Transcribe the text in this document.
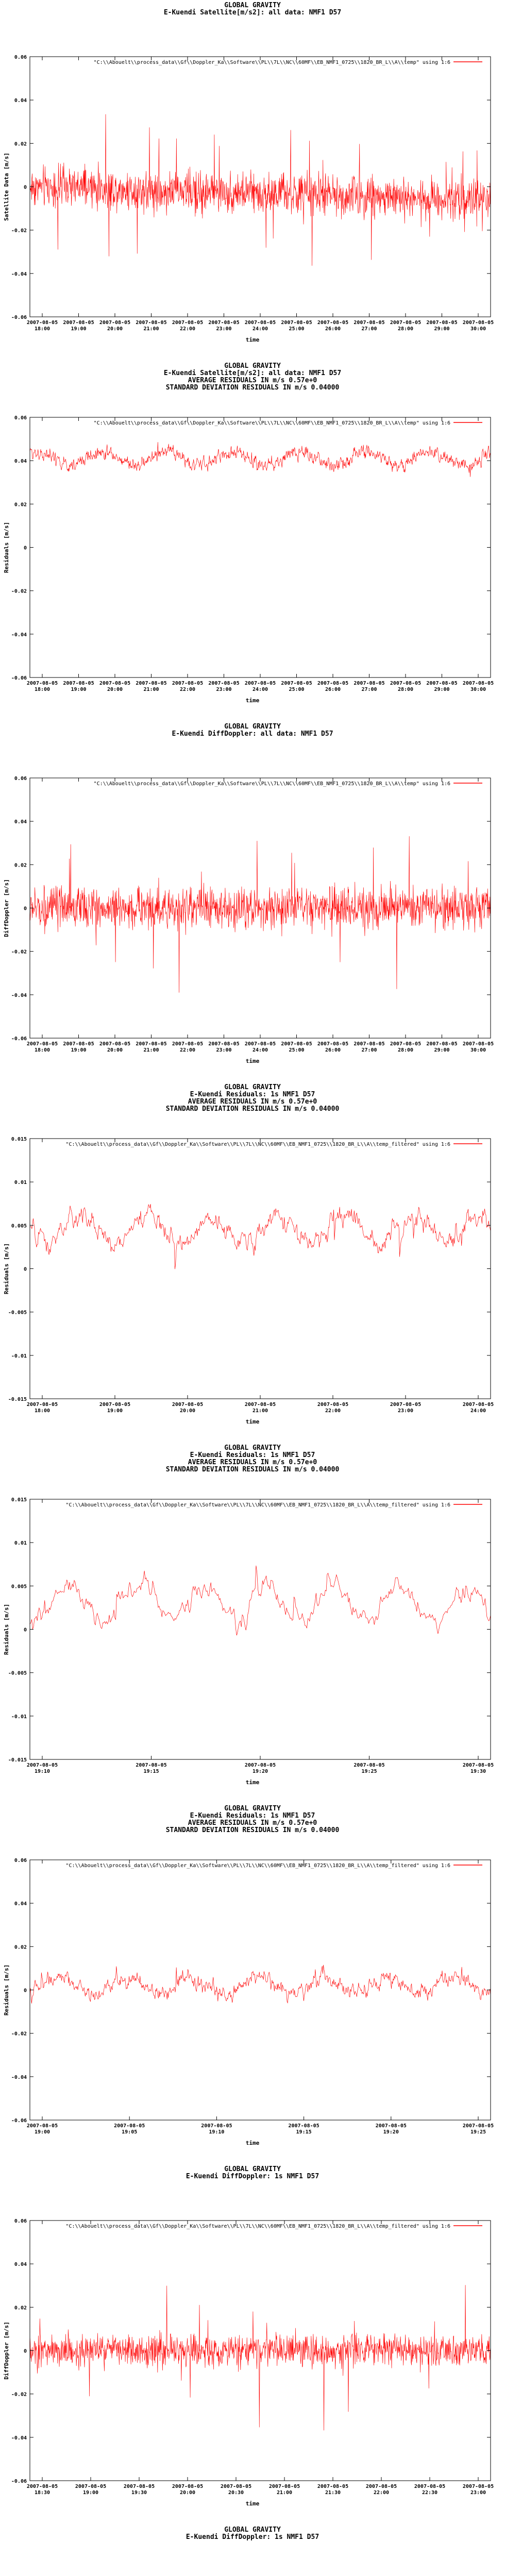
GLOBAL GRAVITY
E-Kuendi Satellite[m/s2]: all data: NMF1 D57
"C:\\Abouelt\\process_data\\Gf\\Doppler_Ka\\Software\\PL\\7L\\NC\\60MF\\EB_NMF1_0725\\1820_BR_L\\A\\temp" using 1:6
0.06
0.04
0.02
0
-0.02
-0.04
-0.06
2007-08-05
18:00
2007-08-05
19:00
2007-08-05
20:00
2007-08-05
21:00
2007-08-05
22:00
2007-08-05
23:00
2007-08-05
24:00
2007-08-05
25:00
2007-08-05
26:00
2007-08-05
27:00
2007-08-05
28:00
2007-08-05
29:00
2007-08-05
30:00
time
Satellite Data [m/s]
GLOBAL GRAVITY
E-Kuendi Satellite[m/s2]: all data: NMF1 D57
AVERAGE RESIDUALS IN m/s 0.57e+0
STANDARD DEVIATION RESIDUALS IN m/s 0.04000
"C:\\Abouelt\\process_data\\Gf\\Doppler_Ka\\Software\\PL\\7L\\NC\\60MF\\EB_NMF1_0725\\1820_BR_L\\A\\temp" using 1:6
0.06
0.04
0.02
0
-0.02
-0.04
-0.06
2007-08-05
18:00
2007-08-05
19:00
2007-08-05
20:00
2007-08-05
21:00
2007-08-05
22:00
2007-08-05
23:00
2007-08-05
24:00
2007-08-05
25:00
2007-08-05
26:00
2007-08-05
27:00
2007-08-05
28:00
2007-08-05
29:00
2007-08-05
30:00
time
Residuals [m/s]
GLOBAL GRAVITY
E-Kuendi DiffDoppler: all data: NMF1 D57
"C:\\Abouelt\\process_data\\Gf\\Doppler_Ka\\Software\\PL\\7L\\NC\\60MF\\EB_NMF1_0725\\1820_BR_L\\A\\temp" using 1:6
0.06
0.04
0.02
0
-0.02
-0.04
-0.06
2007-08-05
18:00
2007-08-05
19:00
2007-08-05
20:00
2007-08-05
21:00
2007-08-05
22:00
2007-08-05
23:00
2007-08-05
24:00
2007-08-05
25:00
2007-08-05
26:00
2007-08-05
27:00
2007-08-05
28:00
2007-08-05
29:00
2007-08-05
30:00
time
DiffDoppler [m/s]
GLOBAL GRAVITY
E-Kuendi Residuals: 1s NMF1 D57
AVERAGE RESIDUALS IN m/s 0.57e+0
STANDARD DEVIATION RESIDUALS IN m/s 0.04000
"C:\\Abouelt\\process_data\\Gf\\Doppler_Ka\\Software\\PL\\7L\\NC\\60MF\\EB_NMF1_0725\\1820_BR_L\\A\\temp_filtered" using 1:6
0.015
0.01
0.005
0
-0.005
-0.01
-0.015
2007-08-05
18:00
2007-08-05
19:00
2007-08-05
20:00
2007-08-05
21:00
2007-08-05
22:00
2007-08-05
23:00
2007-08-05
24:00
time
Residuals [m/s]
GLOBAL GRAVITY
E-Kuendi Residuals: 1s NMF1 D57
AVERAGE RESIDUALS IN m/s 0.57e+0
STANDARD DEVIATION RESIDUALS IN m/s 0.04000
"C:\\Abouelt\\process_data\\Gf\\Doppler_Ka\\Software\\PL\\7L\\NC\\60MF\\EB_NMF1_0725\\1820_BR_L\\A\\temp_filtered" using 1:6
0.015
0.01
0.005
0
-0.005
-0.01
-0.015
2007-08-05
19:10
2007-08-05
19:15
2007-08-05
19:20
2007-08-05
19:25
2007-08-05
19:30
time
Residuals [m/s]
GLOBAL GRAVITY
E-Kuendi Residuals: 1s NMF1 D57
AVERAGE RESIDUALS IN m/s 0.57e+0
STANDARD DEVIATION RESIDUALS IN m/s 0.04000
"C:\\Abouelt\\process_data\\Gf\\Doppler_Ka\\Software\\PL\\7L\\NC\\60MF\\EB_NMF1_0725\\1820_BR_L\\A\\temp_filtered" using 1:6
0.06
0.04
0.02
0
-0.02
-0.04
-0.06
2007-08-05
19:00
2007-08-05
19:05
2007-08-05
19:10
2007-08-05
19:15
2007-08-05
19:20
2007-08-05
19:25
time
Residuals [m/s]
GLOBAL GRAVITY
E-Kuendi DiffDoppler: 1s NMF1 D57
"C:\\Abouelt\\process_data\\Gf\\Doppler_Ka\\Software\\PL\\7L\\NC\\60MF\\EB_NMF1_0725\\1820_BR_L\\A\\temp_filtered" using 1:6
0.06
0.04
0.02
0
-0.02
-0.04
-0.06
2007-08-05
18:30
2007-08-05
19:00
2007-08-05
19:30
2007-08-05
20:00
2007-08-05
20:30
2007-08-05
21:00
2007-08-05
21:30
2007-08-05
22:00
2007-08-05
22:30
2007-08-05
23:00
time
DiffDoppler [m/s]
GLOBAL GRAVITY
E-Kuendi DiffDoppler: 1s NMF1 D57
